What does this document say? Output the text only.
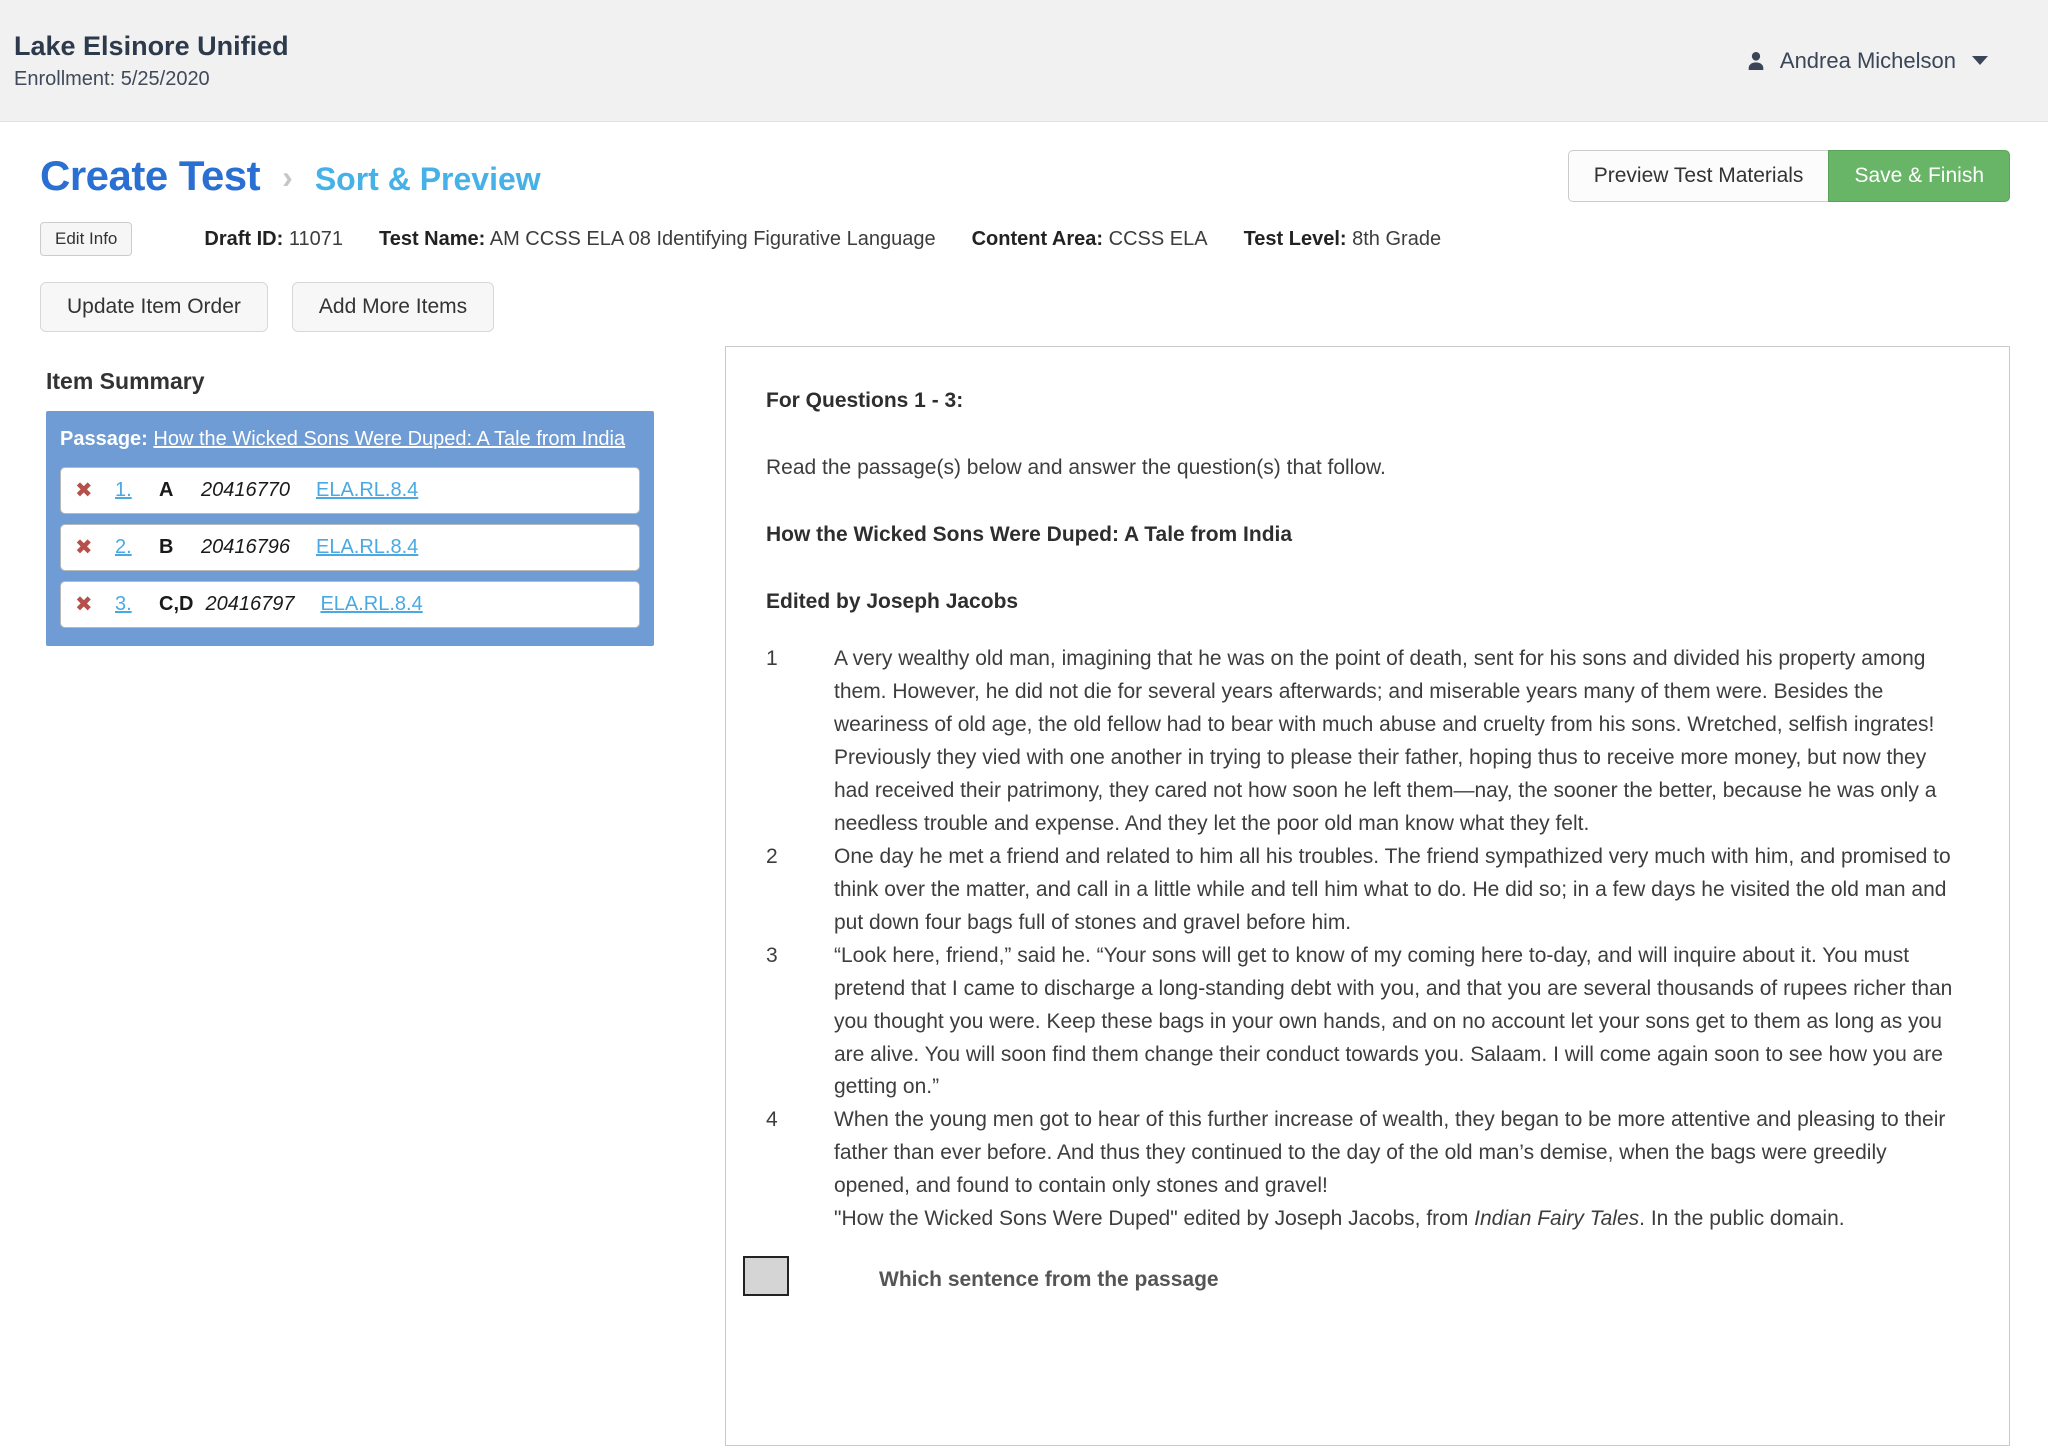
Lake Elsinore Unified
Enrollment: 5/25/2020
Andrea Michelson
Create Test › Sort & Preview	Preview Test Materials	Save & Finish
Edit Info	Draft ID: 11071 Test Name: AM CCSS ELA 08 Identifying Figurative Language Content Area: CCSS ELA Test Level: 8th Grade
Update Item Order	Add More Items
Item Summary
Passage: How the Wicked Sons Were Duped: A Tale from India
✖	1.	A	20416770 ELA.RL.8.4
✖	2.	B	20416796 ELA.RL.8.4
✖	3.	C,D 20416797 ELA.RL.8.4
For Questions 1 - 3:
Read the passage(s) below and answer the question(s) that follow.
How the Wicked Sons Were Duped: A Tale from India
Edited by Joseph Jacobs
1	A very wealthy old man, imagining that he was on the point of death, sent for his sons and divided his property among them. However, he did not die for several years afterwards; and miserable years many of them were. Besides the weariness of old age, the old fellow had to bear with much abuse and cruelty from his sons. Wretched, selfish ingrates! Previously they vied with one another in trying to please their father, hoping thus to receive more money, but now they had received their patrimony, they cared not how soon he left them—nay, the sooner the better, because he was only a needless trouble and expense. And they let the poor old man know what they felt.
2	One day he met a friend and related to him all his troubles. The friend sympathized very much with him, and promised to think over the matter, and call in a little while and tell him what to do. He did so; in a few days he visited the old man and put down four bags full of stones and gravel before him.
3	“Look here, friend,” said he. “Your sons will get to know of my coming here to-day, and will inquire about it. You must pretend that I came to discharge a long-standing debt with you, and that you are several thousands of rupees richer than you thought you were. Keep these bags in your own hands, and on no account let your sons get to them as long as you are alive. You will soon find them change their conduct towards you. Salaam. I will come again soon to see how you are getting on.”
4	When the young men got to hear of this further increase of wealth, they began to be more attentive and pleasing to their father than ever before. And thus they continued to the day of the old man’s demise, when the bags were greedily opened, and found to contain only stones and gravel!
"How the Wicked Sons Were Duped" edited by Joseph Jacobs, from Indian Fairy Tales. In the public domain.
Which sentence from the passage
